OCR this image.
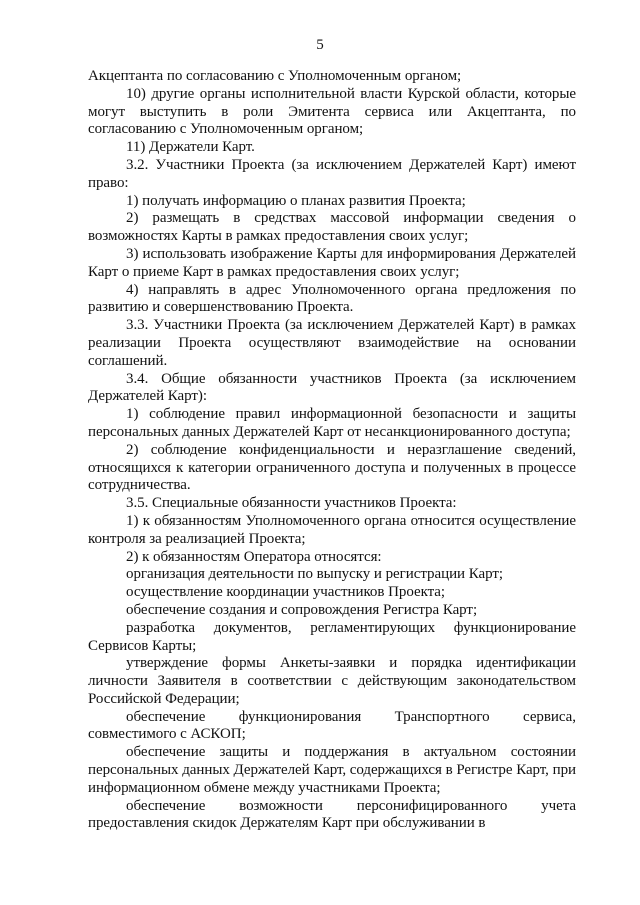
5

Акцептанта по согласованию с Уполномоченным органом;

10) другие органы исполнительной власти Курской области, которые могут выступить в роли Эмитента сервиса или Акцептанта, по согласованию с Уполномоченным органом;

11) Держатели Карт.

3.2. Участники Проекта (за исключением Держателей Карт) имеют право:

1) получать информацию о планах развития Проекта;

2) размещать в средствах массовой информации сведения о возможностях Карты в рамках предоставления своих услуг;

3) использовать изображение Карты для информирования Держателей Карт о приеме Карт в рамках предоставления своих услуг;

4) направлять в адрес Уполномоченного органа предложения по развитию и совершенствованию Проекта.

3.3. Участники Проекта (за исключением Держателей Карт) в рамках реализации Проекта осуществляют взаимодействие на основании соглашений.

3.4. Общие обязанности участников Проекта (за исключением Держателей Карт):

1) соблюдение правил информационной безопасности и защиты персональных данных Держателей Карт от несанкционированного доступа;

2) соблюдение конфиденциальности и неразглашение сведений, относящихся к категории ограниченного доступа и полученных в процессе сотрудничества.

3.5. Специальные обязанности участников Проекта:

1) к обязанностям Уполномоченного органа относится осуществление контроля за реализацией Проекта;

2) к обязанностям Оператора относятся:

организация деятельности по выпуску и регистрации Карт;

осуществление координации участников Проекта;

обеспечение создания и сопровождения Регистра Карт;

разработка документов, регламентирующих функционирование Сервисов Карты;

утверждение формы Анкеты-заявки и порядка идентификации личности Заявителя в соответствии с действующим законодательством Российской Федерации;

обеспечение функционирования Транспортного сервиса, совместимого с АСКОП;

обеспечение защиты и поддержания в актуальном состоянии персональных данных Держателей Карт, содержащихся в Регистре Карт, при информационном обмене между участниками Проекта;

обеспечение возможности персонифицированного учета предоставления скидок Держателям Карт при обслуживании в
